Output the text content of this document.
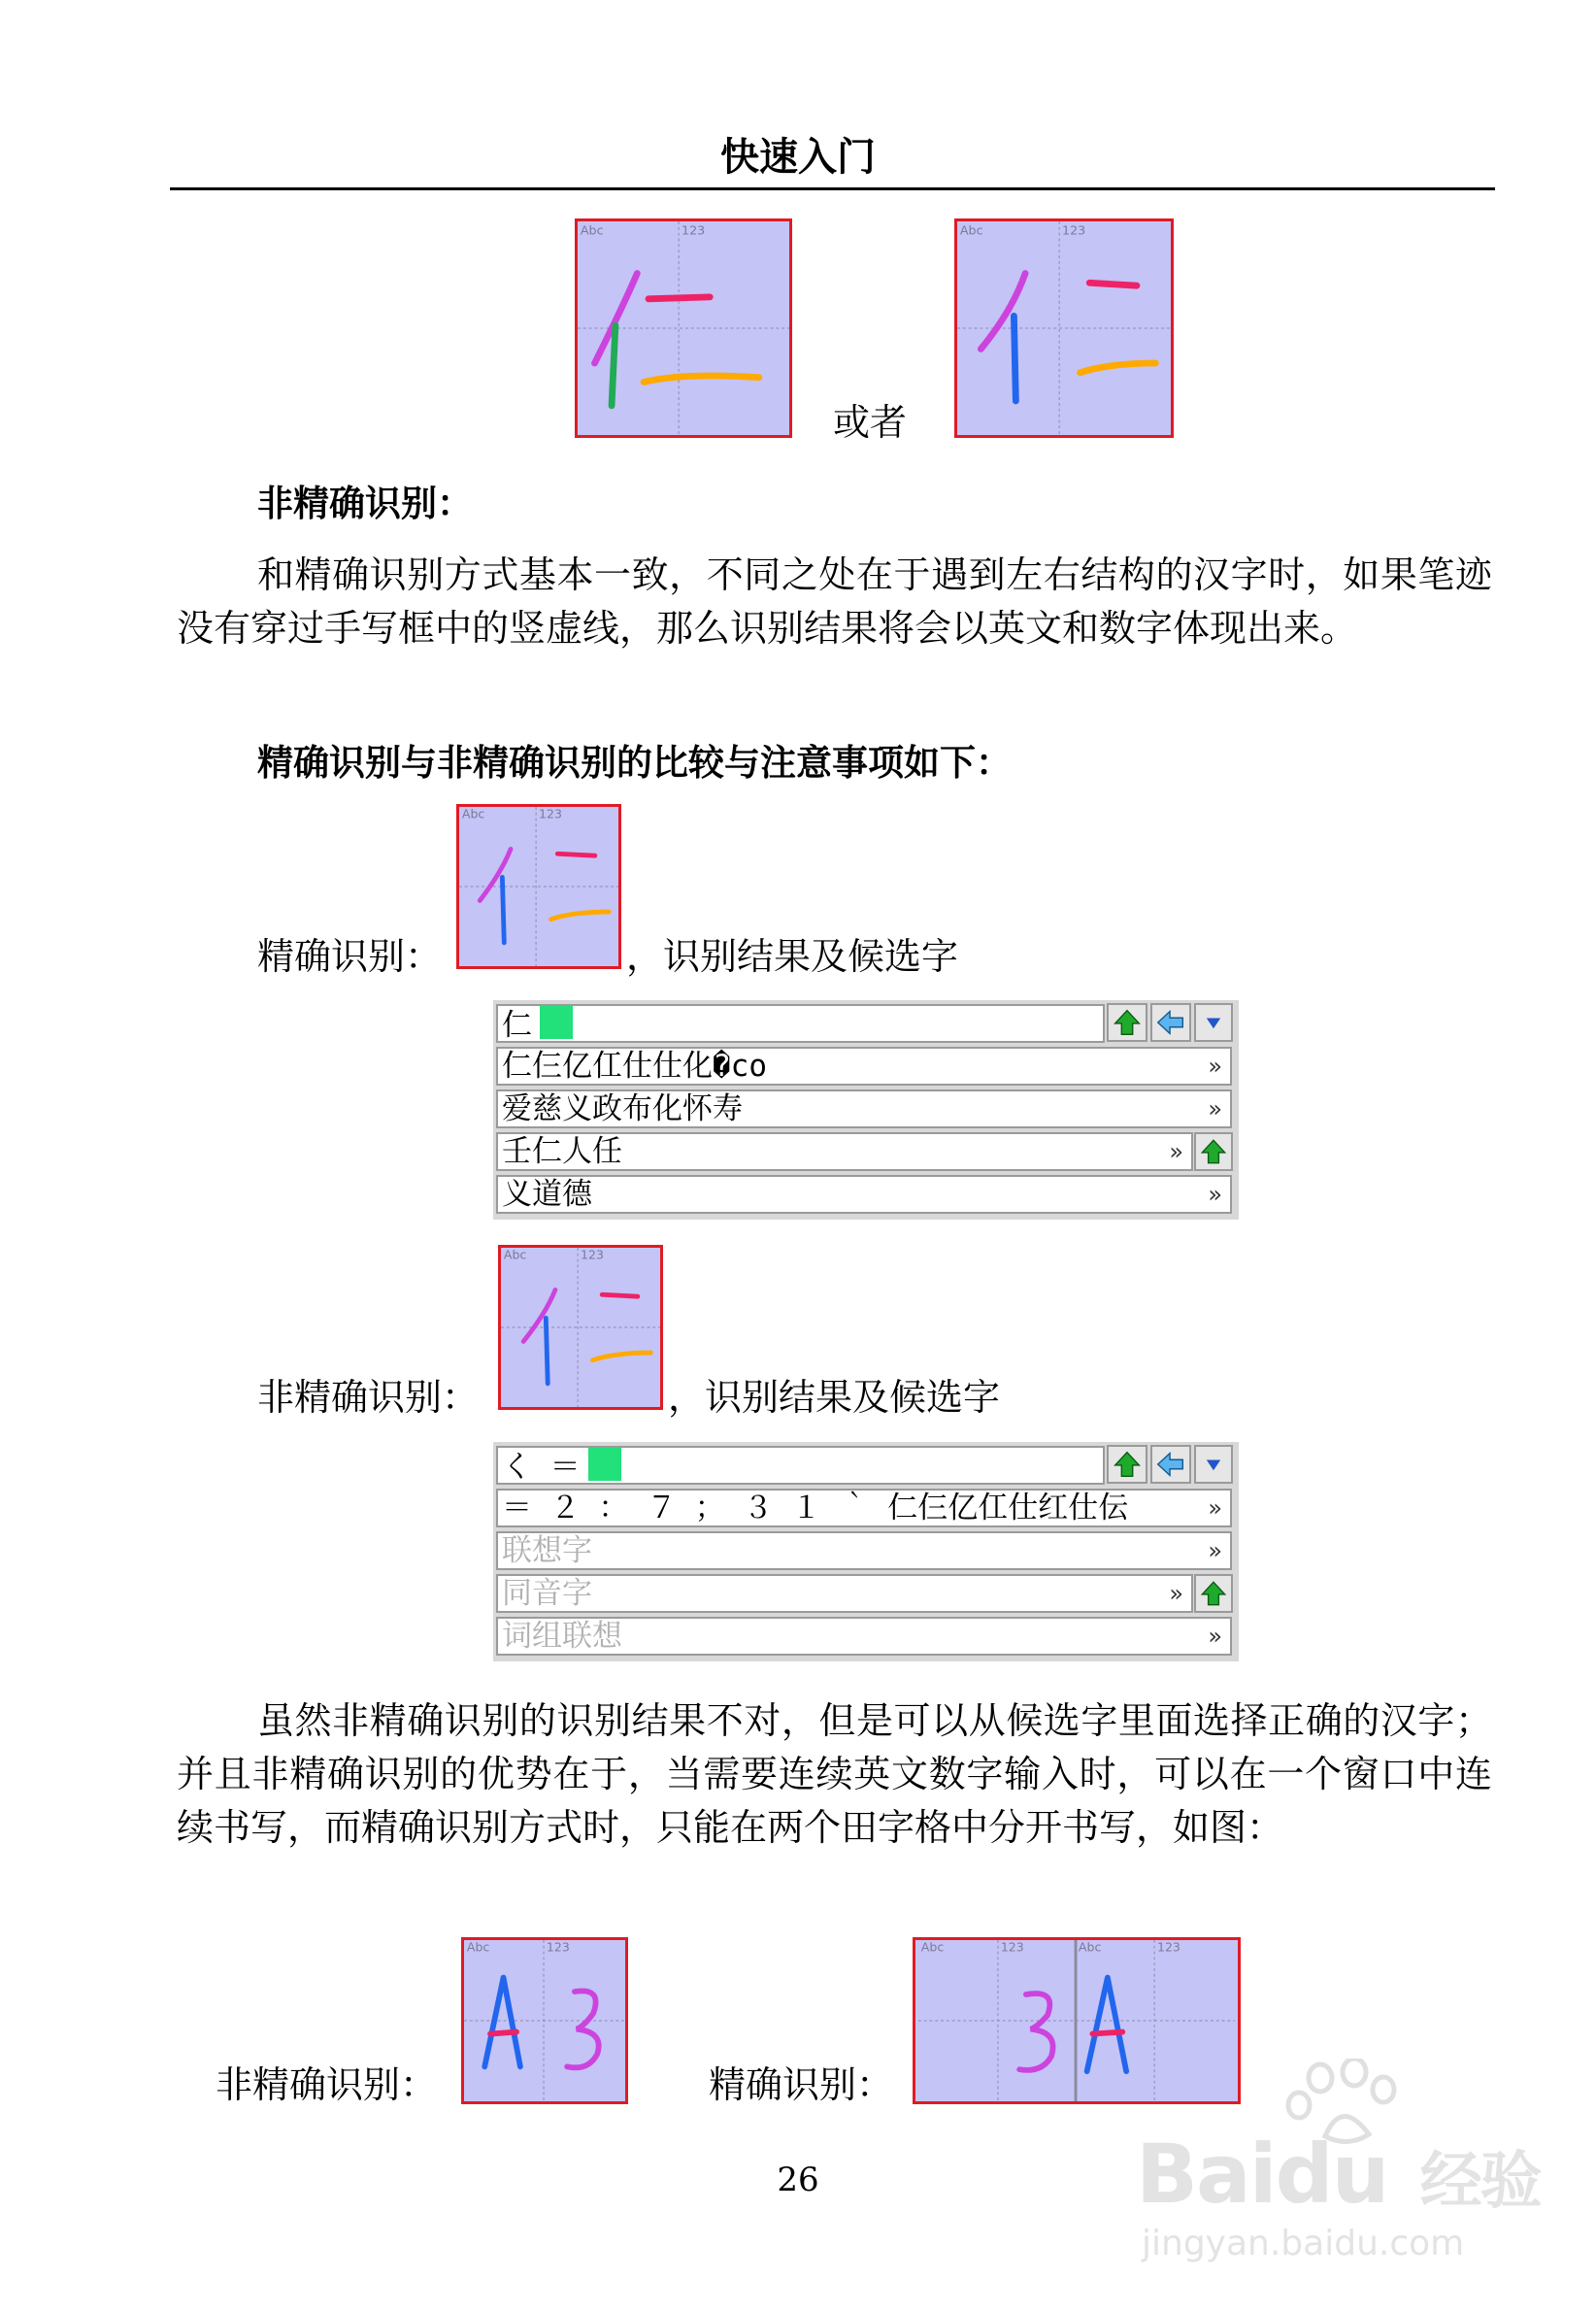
快速入门
Abc	123
或者
Abc	123
非精确识别：
和精确识别方式基本一致，不同之处在于遇到左右结构的汉字时，如果笔迹没有穿过手写框中的竖虚线，那么识别结果将会以英文和数字体现出来。
精确识别与非精确识别的比较与注意事项如下：
精确识别：
Abc	123
，识别结果及候选字
仁
仁仨亿仜仕仕化�co	»
爱慈义政布化怀寿	»
壬仁人任	»
义道德	»
非精确识别：
Abc	123
，识别结果及候选字
く ＝
＝ ２ ： ７ ； ３ １ ｀ 仁仨亿仜仕红仕伝	»
联想字	»
同音字	»
词组联想	»
虽然非精确识别的识别结果不对，但是可以从候选字里面选择正确的汉字；并且非精确识别的优势在于，当需要连续英文数字输入时，可以在一个窗口中连续书写，而精确识别方式时，只能在两个田字格中分开书写，如图：
非精确识别：
Abc	123
精确识别：
Abc	123	Abc	123
26	Baidu 经验
jingyan.baidu.com
